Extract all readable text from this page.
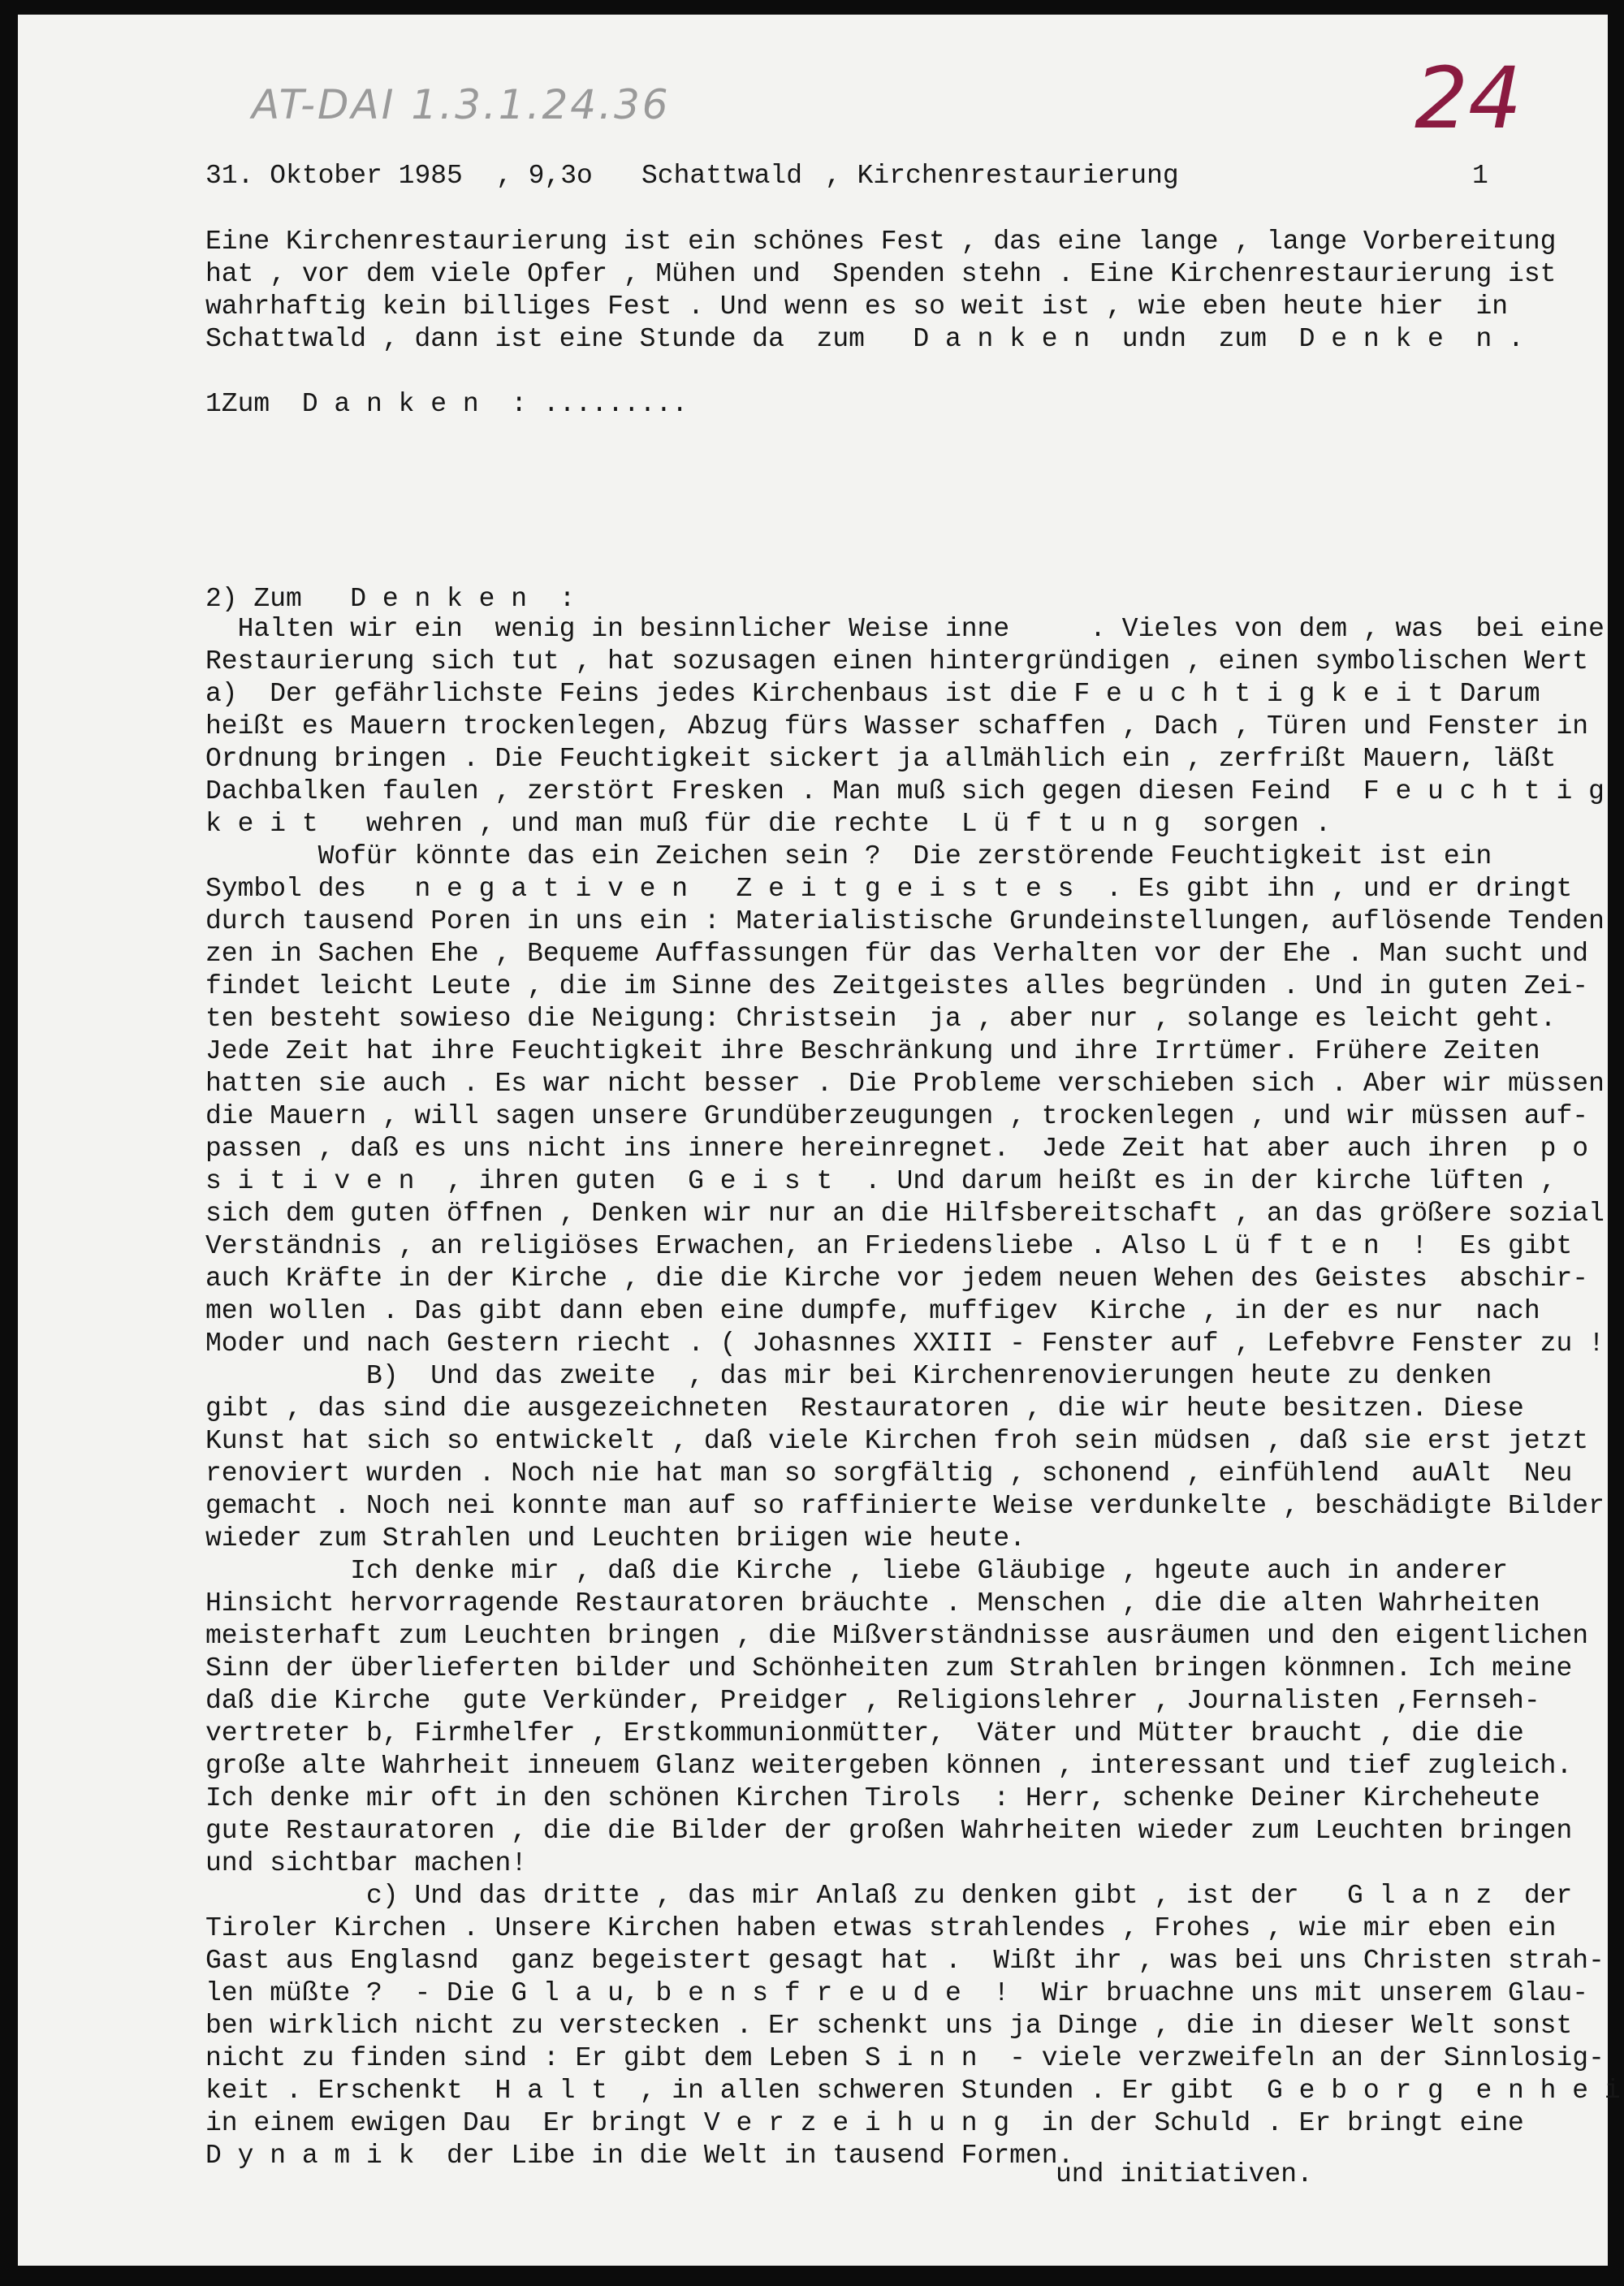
AT-DAI 1.3.1.24.36	24

31. Oktober 1985

, 9,3o

Schattwald

, Kirchenrestaurierung

	1

Eine Kirchenrestaurierung ist ein schönes Fest , das eine lange , lange Vorbereitung
hat , vor dem viele Opfer , Mühen und  Spenden stehn . Eine Kirchenrestaurierung ist
wahrhaftig kein billiges Fest . Und wenn es so weit ist , wie eben heute hier  in
Schattwald , dann ist eine Stunde da  zum   D a n k e n  undn  zum  D e n k e  n .
1Zum  D a n k e n  : .........
2) Zum   D e n k e n  :
Halten wir ein  wenig in besinnlicher Weise inne     . Vieles von dem , was  bei eine
Restaurierung sich tut , hat sozusagen einen hintergründigen , einen symbolischen Wert
a)  Der gefährlichste Feins jedes Kirchenbaus ist die F e u c h t i g k e i t Darum
heißt es Mauern trockenlegen, Abzug fürs Wasser schaffen , Dach , Türen und Fenster in
Ordnung bringen . Die Feuchtigkeit sickert ja allmählich ein , zerfrißt Mauern, läßt
Dachbalken faulen , zerstört Fresken . Man muß sich gegen diesen Feind  F e u c h t i g
k e i t   wehren , und man muß für die rechte  L ü f t u n g  sorgen .
Wofür könnte das ein Zeichen sein ?  Die zerstörende Feuchtigkeit ist ein
Symbol des   n e g a t i v e n   Z e i t g e i s t e s  . Es gibt ihn , und er dringt
durch tausend Poren in uns ein : Materialistische Grundeinstellungen, auflösende Tenden
zen in Sachen Ehe , Bequeme Auffassungen für das Verhalten vor der Ehe . Man sucht und
findet leicht Leute , die im Sinne des Zeitgeistes alles begründen . Und in guten Zei-
ten besteht sowieso die Neigung: Christsein  ja , aber nur , solange es leicht geht.
Jede Zeit hat ihre Feuchtigkeit ihre Beschränkung und ihre Irrtümer. Frühere Zeiten
hatten sie auch . Es war nicht besser . Die Probleme verschieben sich . Aber wir müssen
die Mauern , will sagen unsere Grundüberzeugungen , trockenlegen , und wir müssen auf-
passen , daß es uns nicht ins innere hereinregnet.  Jede Zeit hat aber auch ihren  p o
s i t i v e n  , ihren guten  G e i s t  . Und darum heißt es in der kirche lüften ,
sich dem guten öffnen , Denken wir nur an die Hilfsbereitschaft , an das größere sozial
Verständnis , an religiöses Erwachen, an Friedensliebe . Also L ü f t e n  !  Es gibt
auch Kräfte in der Kirche , die die Kirche vor jedem neuen Wehen des Geistes  abschir-
men wollen . Das gibt dann eben eine dumpfe, muffigev  Kirche , in der es nur  nach
Moder und nach Gestern riecht . ( Johasnnes XXIII - Fenster auf , Lefebvre Fenster zu !
B)  Und das zweite  , das mir bei Kirchenrenovierungen heute zu denken
gibt , das sind die ausgezeichneten  Restauratoren , die wir heute besitzen. Diese
Kunst hat sich so entwickelt , daß viele Kirchen froh sein müdsen , daß sie erst jetzt
renoviert wurden . Noch nie hat man so sorgfältig , schonend , einfühlend  auAlt  Neu
gemacht . Noch nei konnte man auf so raffinierte Weise verdunkelte , beschädigte Bilder
wieder zum Strahlen und Leuchten briigen wie heute.
Ich denke mir , daß die Kirche , liebe Gläubige , hgeute auch in anderer
Hinsicht hervorragende Restauratoren bräuchte . Menschen , die die alten Wahrheiten
meisterhaft zum Leuchten bringen , die Mißverständnisse ausräumen und den eigentlichen
Sinn der überlieferten bilder und Schönheiten zum Strahlen bringen könmnen. Ich meine
daß die Kirche  gute Verkünder, Preidger , Religionslehrer , Journalisten ,Fernseh-
vertreter b, Firmhelfer , Erstkommunionmütter,  Väter und Mütter braucht , die die
große alte Wahrheit inneuem Glanz weitergeben können , interessant und tief zugleich.
Ich denke mir oft in den schönen Kirchen Tirols  : Herr, schenke Deiner Kircheheute
gute Restauratoren , die die Bilder der großen Wahrheiten wieder zum Leuchten bringen
und sichtbar machen!
c) Und das dritte , das mir Anlaß zu denken gibt , ist der   G l a n z  der
Tiroler Kirchen . Unsere Kirchen haben etwas strahlendes , Frohes , wie mir eben ein
Gast aus Englasnd  ganz begeistert gesagt hat .  Wißt ihr , was bei uns Christen strah-
len müßte ?  - Die G l a u, b e n s f r e u d e  !  Wir bruachne uns mit unserem Glau-
ben wirklich nicht zu verstecken . Er schenkt uns ja Dinge , die in dieser Welt sonst
nicht zu finden sind : Er gibt dem Leben S i n n  - viele verzweifeln an der Sinnlosig-
keit . Erschenkt  H a l t  , in allen schweren Stunden . Er gibt  G e b o r g  e n h e i
in einem ewigen Dau  Er bringt V e r z e i h u n g  in der Schuld . Er bringt eine
D y n a m i k  der Libe in die Welt in tausend Formen.
und initiativen.
